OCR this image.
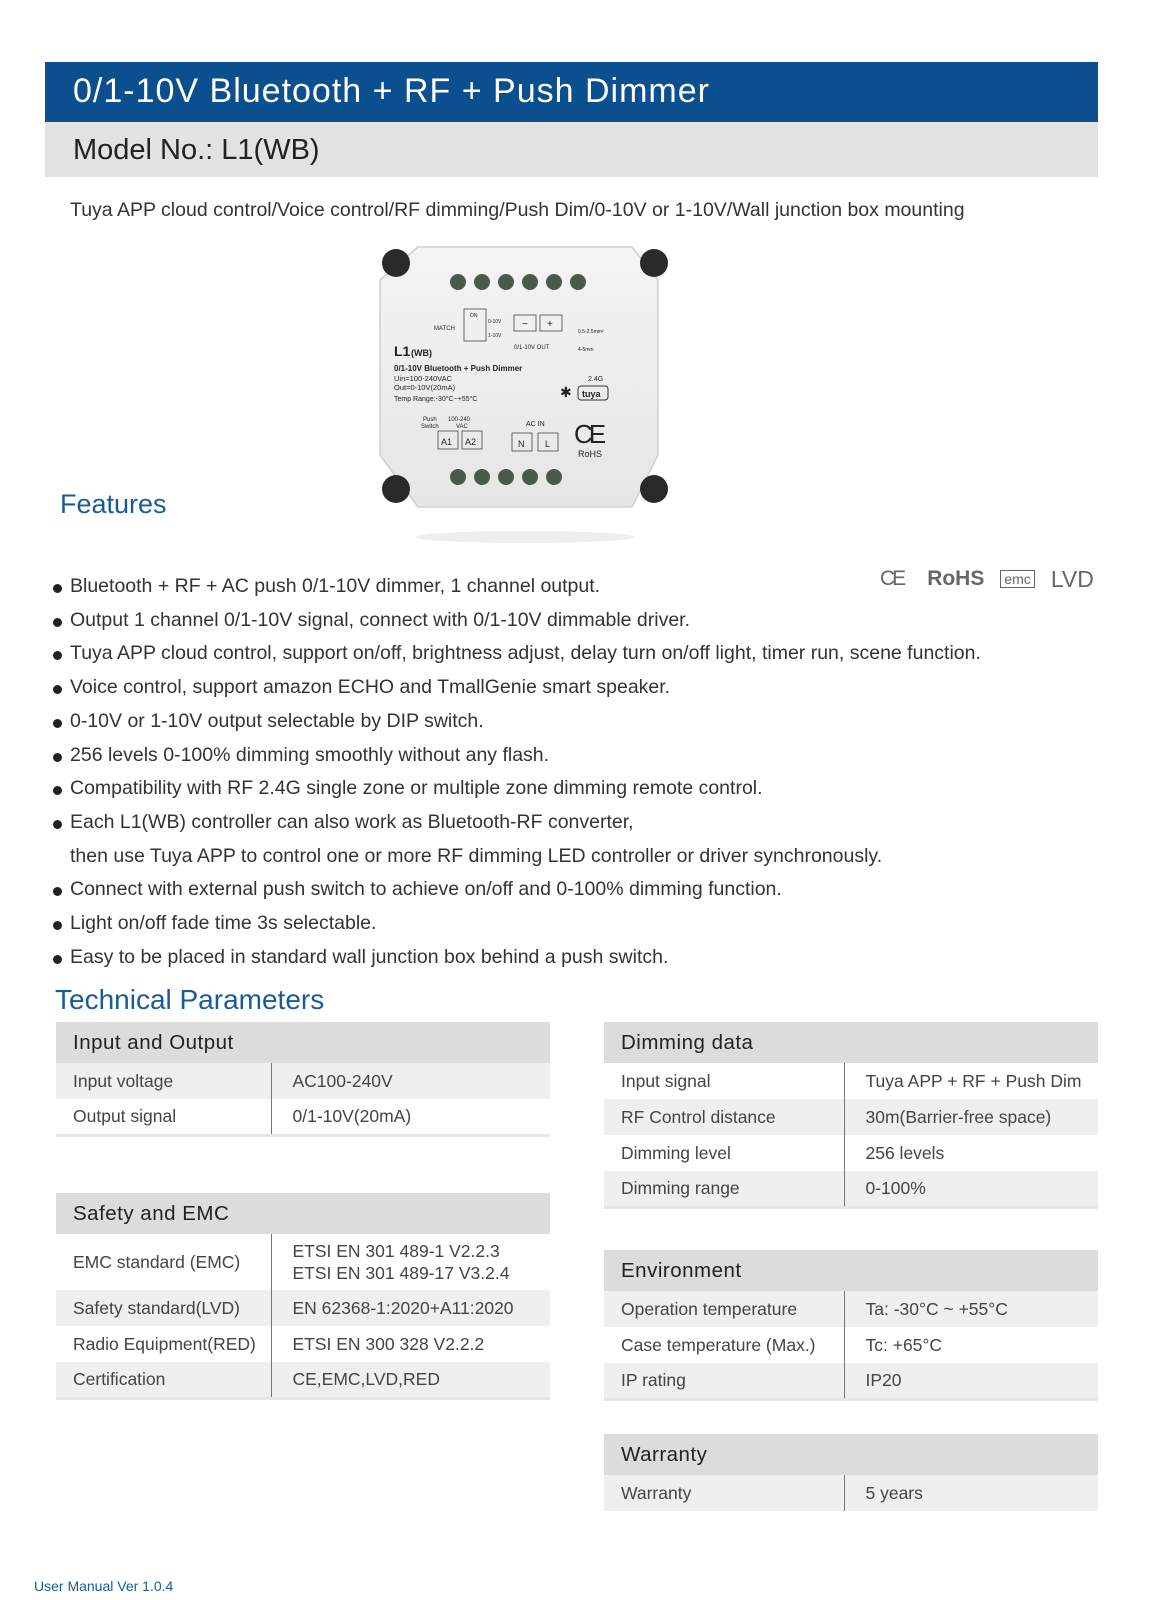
0/1-10V Bluetooth + RF + Push Dimmer
Model No.: L1(WB)
Tuya APP cloud control/Voice control/RF dimming/Push Dim/0-10V or 1-10V/Wall junction box mounting
MATCH
ON
0-10V
1-10V
− +
0/1-10V OUT
0.5-2.5mm²
4-5mm
L1 (WB)
0/1-10V Bluetooth + Push Dimmer
Uin=100-240VAC
Out=0-10V(20mA)
Temp Range:-30°C~+55°C
2.4G
✱ tuya
Push
Switch
100-240
VAC
A1 A2
AC IN
N L CE
RoHS
Features
CE RoHS emc LVD
Bluetooth + RF + AC push 0/1-10V dimmer, 1 channel output.
Output 1 channel 0/1-10V signal, connect with 0/1-10V dimmable driver.
Tuya APP cloud control, support on/off, brightness adjust, delay turn on/off light, timer run, scene function.
Voice control, support amazon ECHO and TmallGenie smart speaker.
0-10V or 1-10V output selectable by DIP switch.
256 levels 0-100% dimming smoothly without any flash.
Compatibility with RF 2.4G single zone or multiple zone dimming remote control.
Each L1(WB) controller can also work as Bluetooth-RF converter,
then use Tuya APP to control one or more RF dimming LED controller or driver synchronously.
Connect with external push switch to achieve on/off and 0-100% dimming function.
Light on/off fade time 3s selectable.
Easy to be placed in standard wall junction box behind a push switch.
Technical Parameters
Input and Output	
Input voltage	AC100-240V
Output signal	0/1-10V(20mA)
Safety and EMC	
EMC standard (EMC)	ETSI EN 301 489-1 V2.2.3
ETSI EN 301 489-17 V3.2.4

Safety standard(LVD)	EN 62368-1:2020+A11:2020
Radio Equipment(RED)	ETSI EN 300 328 V2.2.2
Certification	CE,EMC,LVD,RED
Dimming data	
Input signal	Tuya APP + RF + Push Dim
RF Control distance	30m(Barrier-free space)
Dimming level	256 levels
Dimming range	0-100%
Environment	
Operation temperature	Ta: -30°C ~ +55°C
Case temperature (Max.)	Tc: +65°C
IP rating	IP20
Warranty
Warranty	5 years
User Manual Ver 1.0.4
